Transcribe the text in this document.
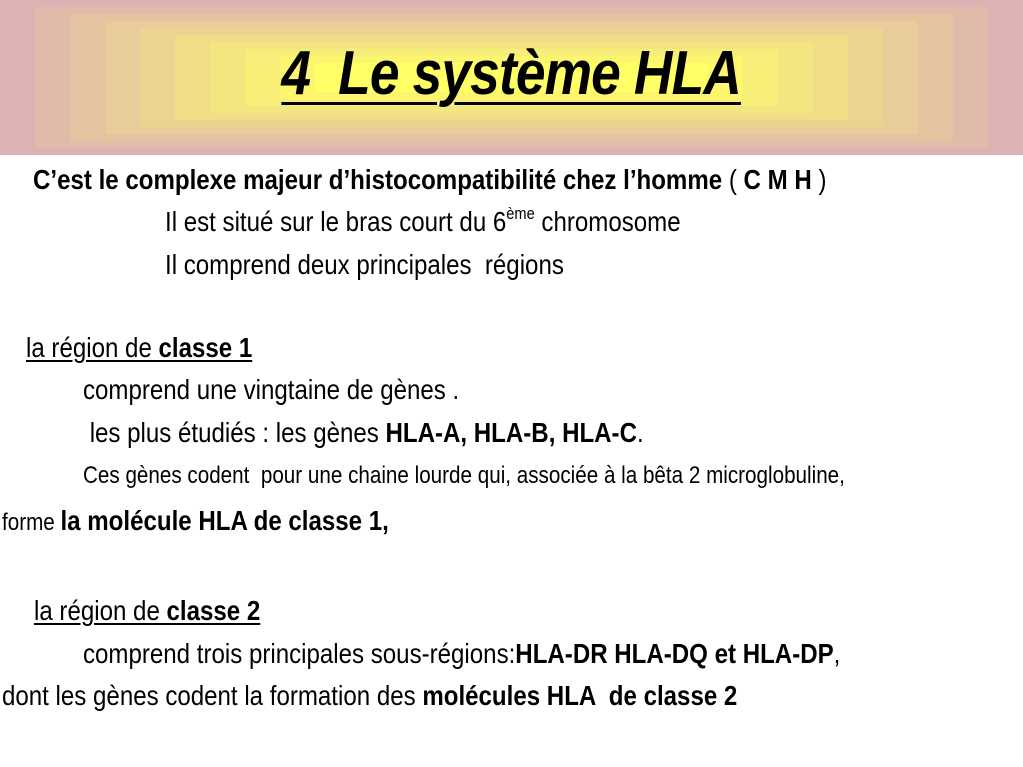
4  Le système HLA
C’est le complexe majeur d’histocompatibilité chez l’homme ( C M H )
Il est situé sur le bras court du 6ème chromosome
Il comprend deux principales  régions
la région de classe 1
comprend une vingtaine de gènes .
les plus étudiés : les gènes HLA-A, HLA-B, HLA-C.
Ces gènes codent  pour une chaine lourde qui, associée à la bêta 2 microglobuline,
forme la molécule HLA de classe 1,
la région de classe 2
comprend trois principales sous-régions:HLA-DR HLA-DQ et HLA-DP,
dont les gènes codent la formation des molécules HLA  de classe 2
